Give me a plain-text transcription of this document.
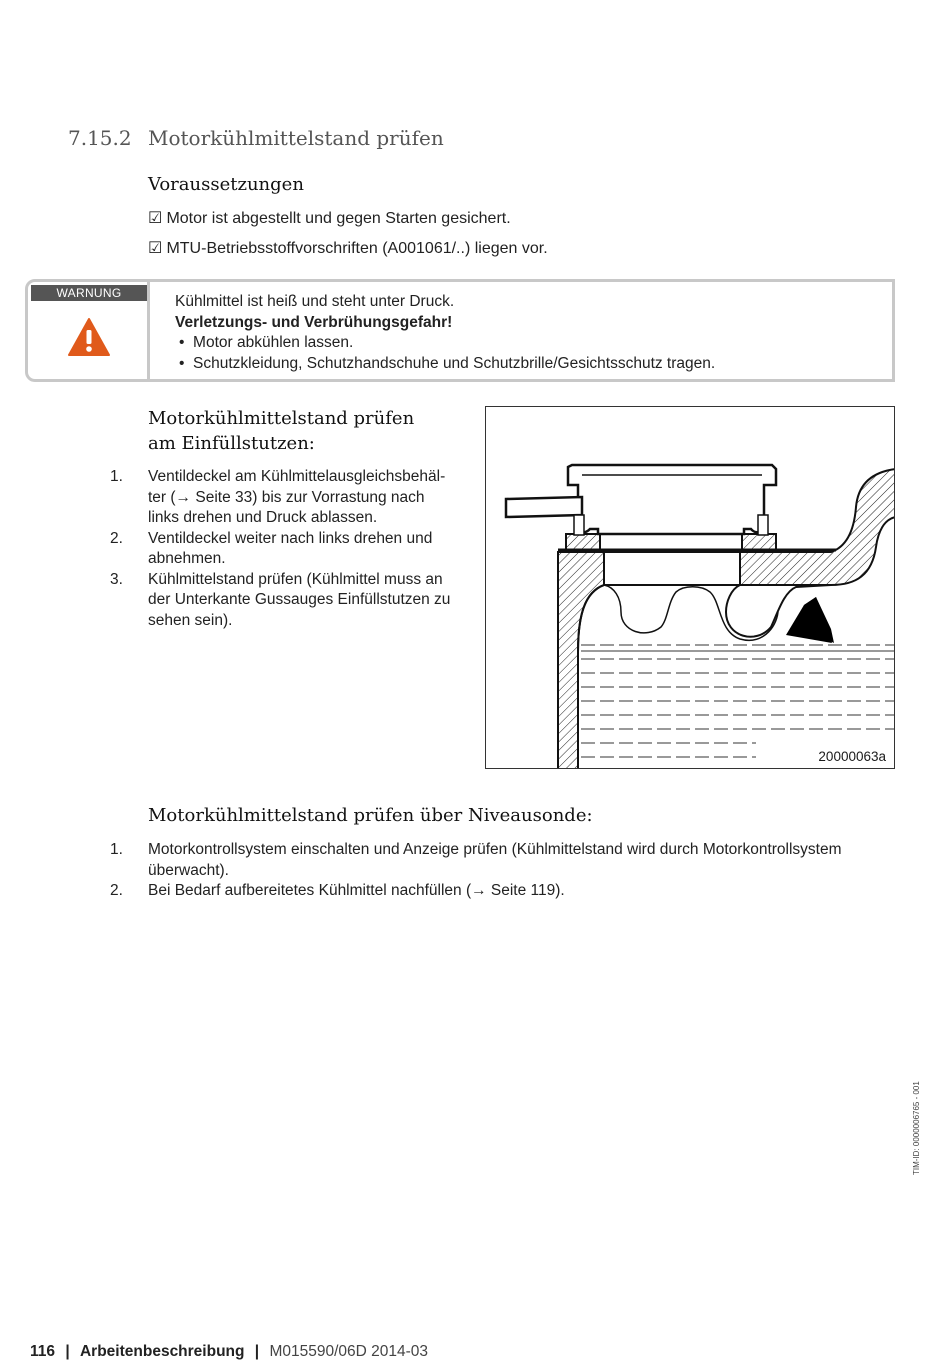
7.15.2 Motorkühlmittelstand prüfen
Voraussetzungen
☑ Motor ist abgestellt und gegen Starten gesichert.
☑ MTU-Betriebsstoffvorschriften (A001061/..) liegen vor.
WARNUNG	Kühlmittel ist heiß und steht unter Druck.
Verletzungs- und Verbrühungsgefahr!
•  Motor abkühlen lassen.
•  Schutzkleidung, Schutzhandschuhe und Schutzbrille/Gesichtsschutz tragen.
Motorkühlmittelstand prüfen
am Einfüllstutzen:
1.	Ventildeckel am Kühlmittelausgleichsbehäl-
ter (→ Seite 33) bis zur Vorrastung nach
links drehen und Druck ablassen.
2.	Ventildeckel weiter nach links drehen und
abnehmen.
3.	Kühlmittelstand prüfen (Kühlmittel muss an
der Unterkante Gussauges Einfüllstutzen zu
sehen sein).
20000063a
Motorkühlmittelstand prüfen über Niveausonde:
1.	Motorkontrollsystem einschalten und Anzeige prüfen (Kühlmittelstand wird durch Motorkontrollsystem
überwacht).
2.	Bei Bedarf aufbereitetes Kühlmittel nachfüllen (→ Seite 119).
TIM-ID: 0000006765 - 001
116 | Arbeitenbeschreibung | M015590/06D 2014-03
